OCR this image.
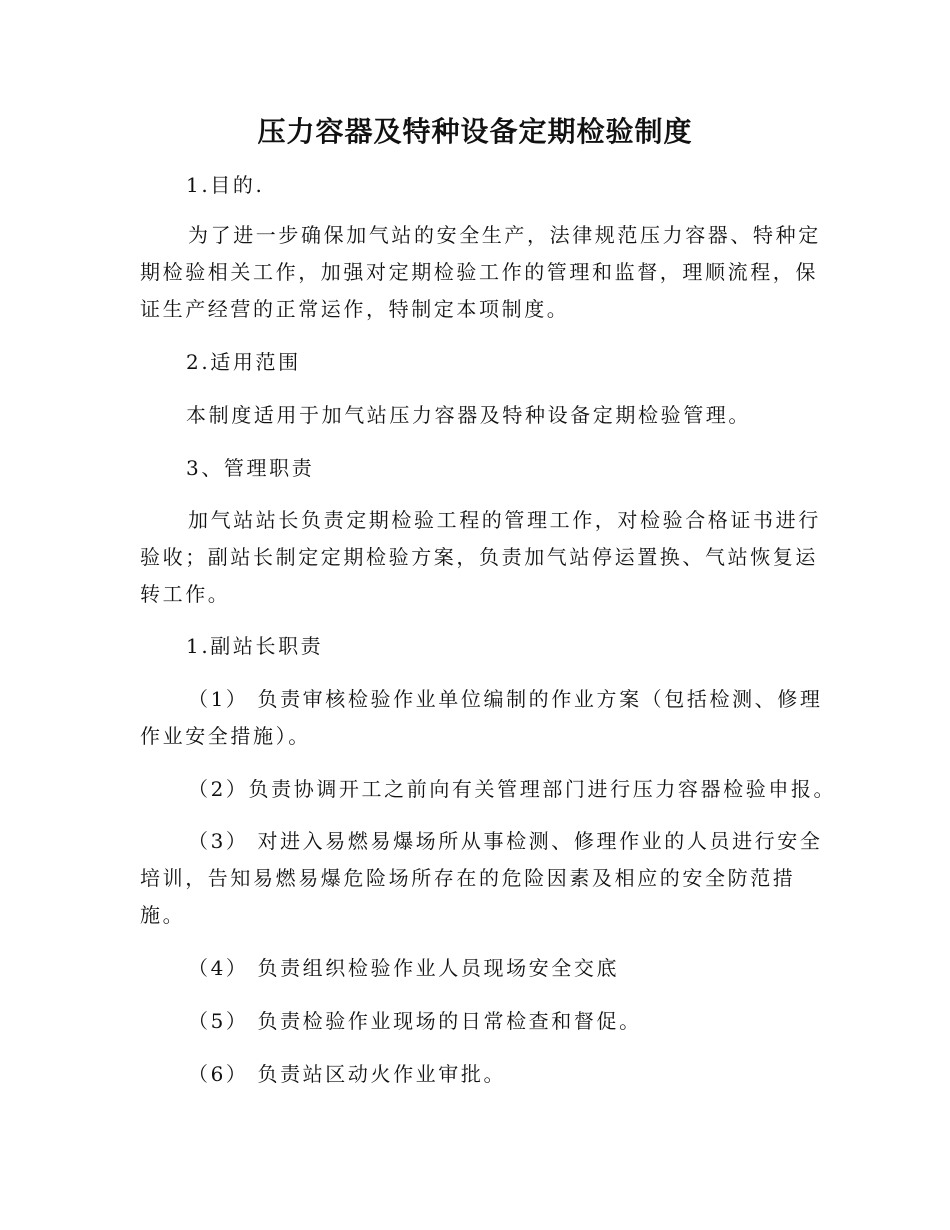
压力容器及特种设备定期检验制度
1.目的.
为了进一步确保加气站的安全生产，法律规范压力容器、特种定
期检验相关工作，加强对定期检验工作的管理和监督，理顺流程，保
证生产经营的正常运作，特制定本项制度。
2.适用范围
本制度适用于加气站压力容器及特种设备定期检验管理。
3、管理职责
加气站站长负责定期检验工程的管理工作，对检验合格证书进行
验收；副站长制定定期检验方案，负责加气站停运置换、气站恢复运
转工作。
1.副站长职责
（1） 负责审核检验作业单位编制的作业方案（包括检测、修理
作业安全措施）。
（2）负责协调开工之前向有关管理部门进行压力容器检验申报。
（3） 对进入易燃易爆场所从事检测、修理作业的人员进行安全
培训，告知易燃易爆危险场所存在的危险因素及相应的安全防范措
施。
（4） 负责组织检验作业人员现场安全交底
（5） 负责检验作业现场的日常检查和督促。
（6） 负责站区动火作业审批。
